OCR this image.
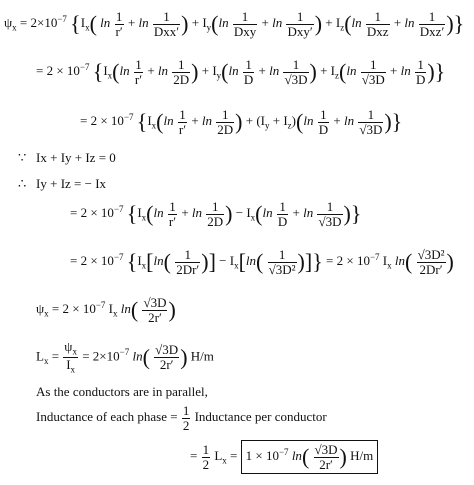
$\psi_x = 2\times 10^{-7}$ {$I_x$( $\ln \frac{1}{r'} + \ln \frac{1}{\text{Dxx′}}$ ) + $I_y(\ln \frac{1}{\text{Dxy}} + \ln \frac{1}{\text{Dxy′}}$ ) + $I_z(\ln \frac{1}{\text{Dxz}} + \ln \frac{1}{\text{Dxz′}}$ )}
= $2 \times 10^{-7}$ {$I_x(\ln \frac{1}{r'} + \ln \frac{1}{2D}$ ) + $I_y(\ln \frac{1}{D} + \ln \frac{1}{√3D}$ ) + $I_z(\ln \frac{1}{√3D} + \ln \frac{1}{D}$ )}
= $2 \times 10^{-7}$ {$I_x(\ln \frac{1}{r'} + \ln \frac{1}{2D}$ ) + $(I_y + I_z)(\ln \frac{1}{D} + \ln \frac{1}{√3D}$ )}
∵ Ix + Iy + Iz = 0
∴ Iy + Iz = − Ix
= $2 \times 10^{-7}$ {$I_x(\ln \frac{1}{r'} + \ln \frac{1}{2D}$ ) − $I_x(\ln \frac{1}{D} + \ln \frac{1}{√3D}$ )}
= $2 \times 10^{-7}$ {$I_x[\ln( \frac{1}{2Dr'}$ )] − $I_x[\ln( \frac{1}{\text{√3D²}}$ )]} = $2 \times 10^{-7}$ $I_x$ $\ln( \frac{\text{√3D²}}{2Dr'}$ )
$\psi_x = 2 \times 10^{-7}$ $I_x$ $\ln( \frac{√3D}{2r'}$ )
$L_x = \frac{\psi_x}{I_x} = 2\times 10^{-7}$ $\ln( \frac{√3D}{2r'}$ ) H/m
As the conductors are in parallel,
Inductance of each phase = $\frac{1}{2}$ Inductance per conductor
= $\frac{1}{2} L_x = 1 \times 10^{-7}$ $\ln( \frac{√3D}{2r'}$ ) H/m
